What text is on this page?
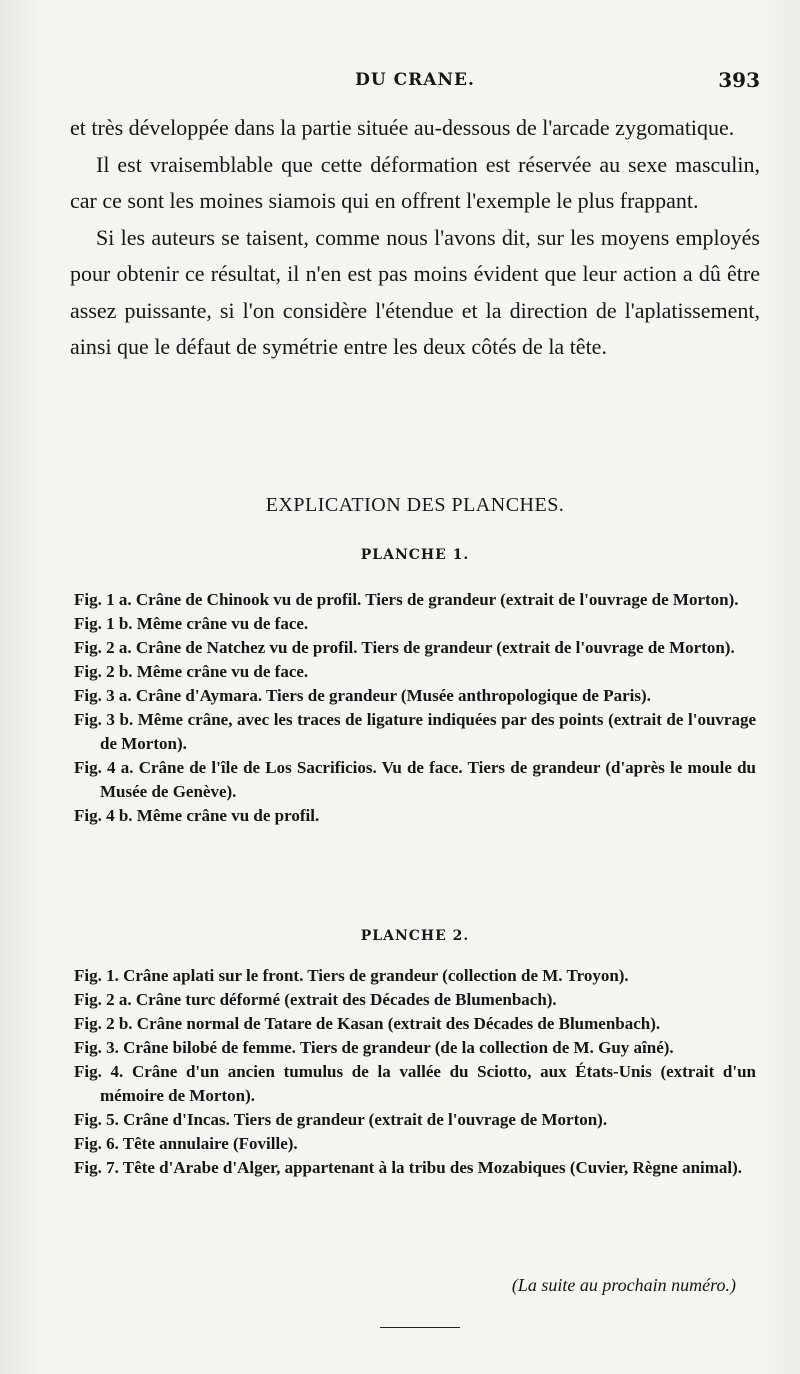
DU CRANE.	393

et très développée dans la partie située au-dessous de l'arcade zygomatique.

Il est vraisemblable que cette déformation est réservée au sexe masculin, car ce sont les moines siamois qui en offrent l'exemple le plus frappant.

Si les auteurs se taisent, comme nous l'avons dit, sur les moyens employés pour obtenir ce résultat, il n'en est pas moins évident que leur action a dû être assez puissante, si l'on considère l'étendue et la direction de l'aplatissement, ainsi que le défaut de symétrie entre les deux côtés de la tête.

EXPLICATION DES PLANCHES.
PLANCHE 1.

Fig. 1 a. Crâne de Chinook vu de profil. Tiers de grandeur (extrait de l'ouvrage de Morton).

Fig. 1 b. Même crâne vu de face.

Fig. 2 a. Crâne de Natchez vu de profil. Tiers de grandeur (extrait de l'ouvrage de Morton).

Fig. 2 b. Même crâne vu de face.

Fig. 3 a. Crâne d'Aymara. Tiers de grandeur (Musée anthropologique de Paris).

Fig. 3 b. Même crâne, avec les traces de ligature indiquées par des points (extrait de l'ouvrage de Morton).

Fig. 4 a. Crâne de l'île de Los Sacrificios. Vu de face. Tiers de grandeur (d'après le moule du Musée de Genève).

Fig. 4 b. Même crâne vu de profil.

PLANCHE 2.

Fig. 1. Crâne aplati sur le front. Tiers de grandeur (collection de M. Troyon).

Fig. 2 a. Crâne turc déformé (extrait des Décades de Blumenbach).

Fig. 2 b. Crâne normal de Tatare de Kasan (extrait des Décades de Blumenbach).

Fig. 3. Crâne bilobé de femme. Tiers de grandeur (de la collection de M. Guy aîné).

Fig. 4. Crâne d'un ancien tumulus de la vallée du Sciotto, aux États-Unis (extrait d'un mémoire de Morton).

Fig. 5. Crâne d'Incas. Tiers de grandeur (extrait de l'ouvrage de Morton).

Fig. 6. Tête annulaire (Foville).

Fig. 7. Tête d'Arabe d'Alger, appartenant à la tribu des Mozabiques (Cuvier, Règne animal).

(La suite au prochain numéro.)
